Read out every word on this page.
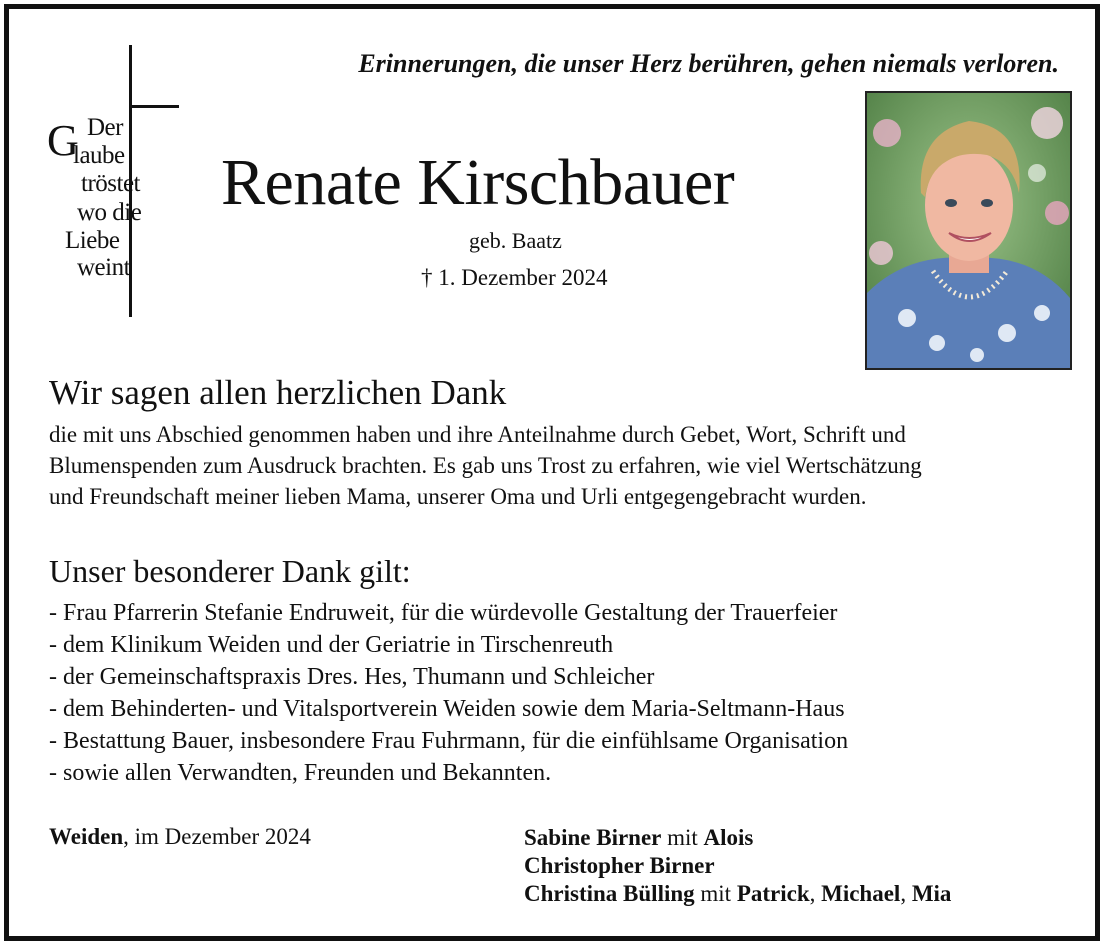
Erinnerungen, die unser Herz berühren, gehen niemals verloren.
G Der
laube
tröstet
wo die
Liebe
weint
Renate Kirschbauer
geb. Baatz
† 1. Dezember 2024
Wir sagen allen herzlichen Dank
die mit uns Abschied genommen haben und ihre Anteilnahme durch Gebet, Wort, Schrift und
Blumenspenden zum Ausdruck brachten. Es gab uns Trost zu erfahren, wie viel Wertschätzung
und Freundschaft meiner lieben Mama, unserer Oma und Urli entgegengebracht wurden.
Unser besonderer Dank gilt:
- Frau Pfarrerin Stefanie Endruweit, für die würdevolle Gestaltung der Trauerfeier
- dem Klinikum Weiden und der Geriatrie in Tirschenreuth
- der Gemeinschaftspraxis Dres. Hes, Thumann und Schleicher
- dem Behinderten- und Vitalsportverein Weiden sowie dem Maria-Seltmann-Haus
- Bestattung Bauer, insbesondere Frau Fuhrmann, für die einfühlsame Organisation
- sowie allen Verwandten, Freunden und Bekannten.
Weiden, im Dezember 2024	Sabine Birner mit Alois
Christopher Birner
Christina Bülling mit Patrick, Michael, Mia
